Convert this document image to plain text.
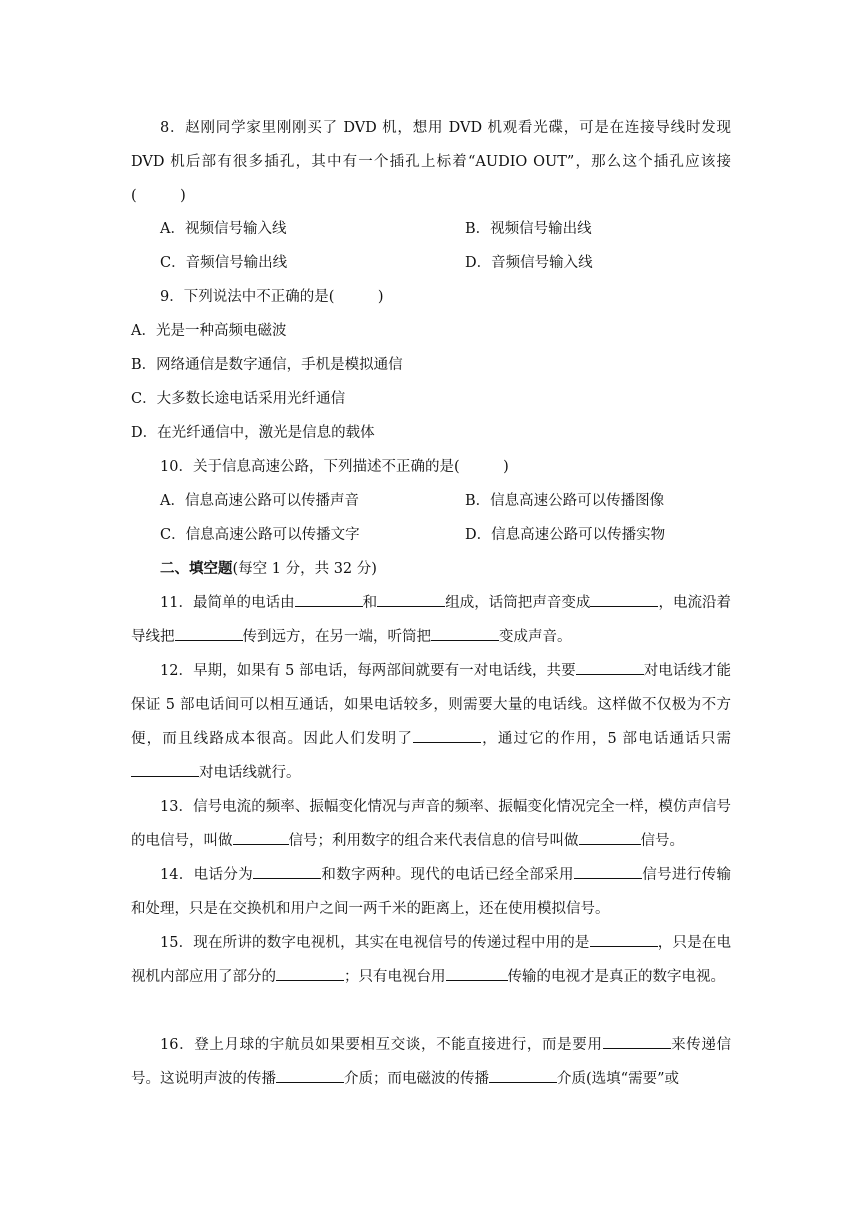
8．赵刚同学家里刚刚买了 DVD 机，想用 DVD 机观看光碟，可是在连接导线时发现 DVD 机后部有很多插孔，其中有一个插孔上标着“AUDIO OUT”，那么这个插孔应该接(　　　)

A．视频信号输入线	B．视频信号输出线
C．音频信号输出线	D．音频信号输入线
9．下列说法中不正确的是(　　　)
A．光是一种高频电磁波
B．网络通信是数字通信，手机是模拟通信
C．大多数长途电话采用光纤通信
D．在光纤通信中，激光是信息的载体
10．关于信息高速公路，下列描述不正确的是(　　　)
A．信息高速公路可以传播声音	B．信息高速公路可以传播图像
C．信息高速公路可以传播文字	D．信息高速公路可以传播实物
二、填空题(每空 1 分，共 32 分)

11．最简单的电话由	和	组成，话筒把声音变成	，电流沿着导线把	传到远方，在另一端，听筒把	变成声音。

12．早期，如果有 5 部电话，每两部间就要有一对电话线，共要	对电话线才能保证 5 部电话间可以相互通话，如果电话较多，则需要大量的电话线。这样做不仅极为不方便，而且线路成本很高。因此人们发明了	，通过它的作用，5 部电话通话只需对电话线就行。

13．信号电流的频率、振幅变化情况与声音的频率、振幅变化情况完全一样，模仿声信号的电信号，叫做	信号；利用数字的组合来代表信息的信号叫做	信号。

14．电话分为	和数字两种。现代的电话已经全部采用	信号进行传输和处理，只是在交换机和用户之间一两千米的距离上，还在使用模拟信号。

15．现在所讲的数字电视机，其实在电视信号的传递过程中用的是	，只是在电视机内部应用了部分的	；只有电视台用	传输的电视才是真正的数字电视。

16．登上月球的宇航员如果要相互交谈，不能直接进行，而是要用	来传递信号。这说明声波的传播	介质；而电磁波的传播	介质(选填“需要”或
